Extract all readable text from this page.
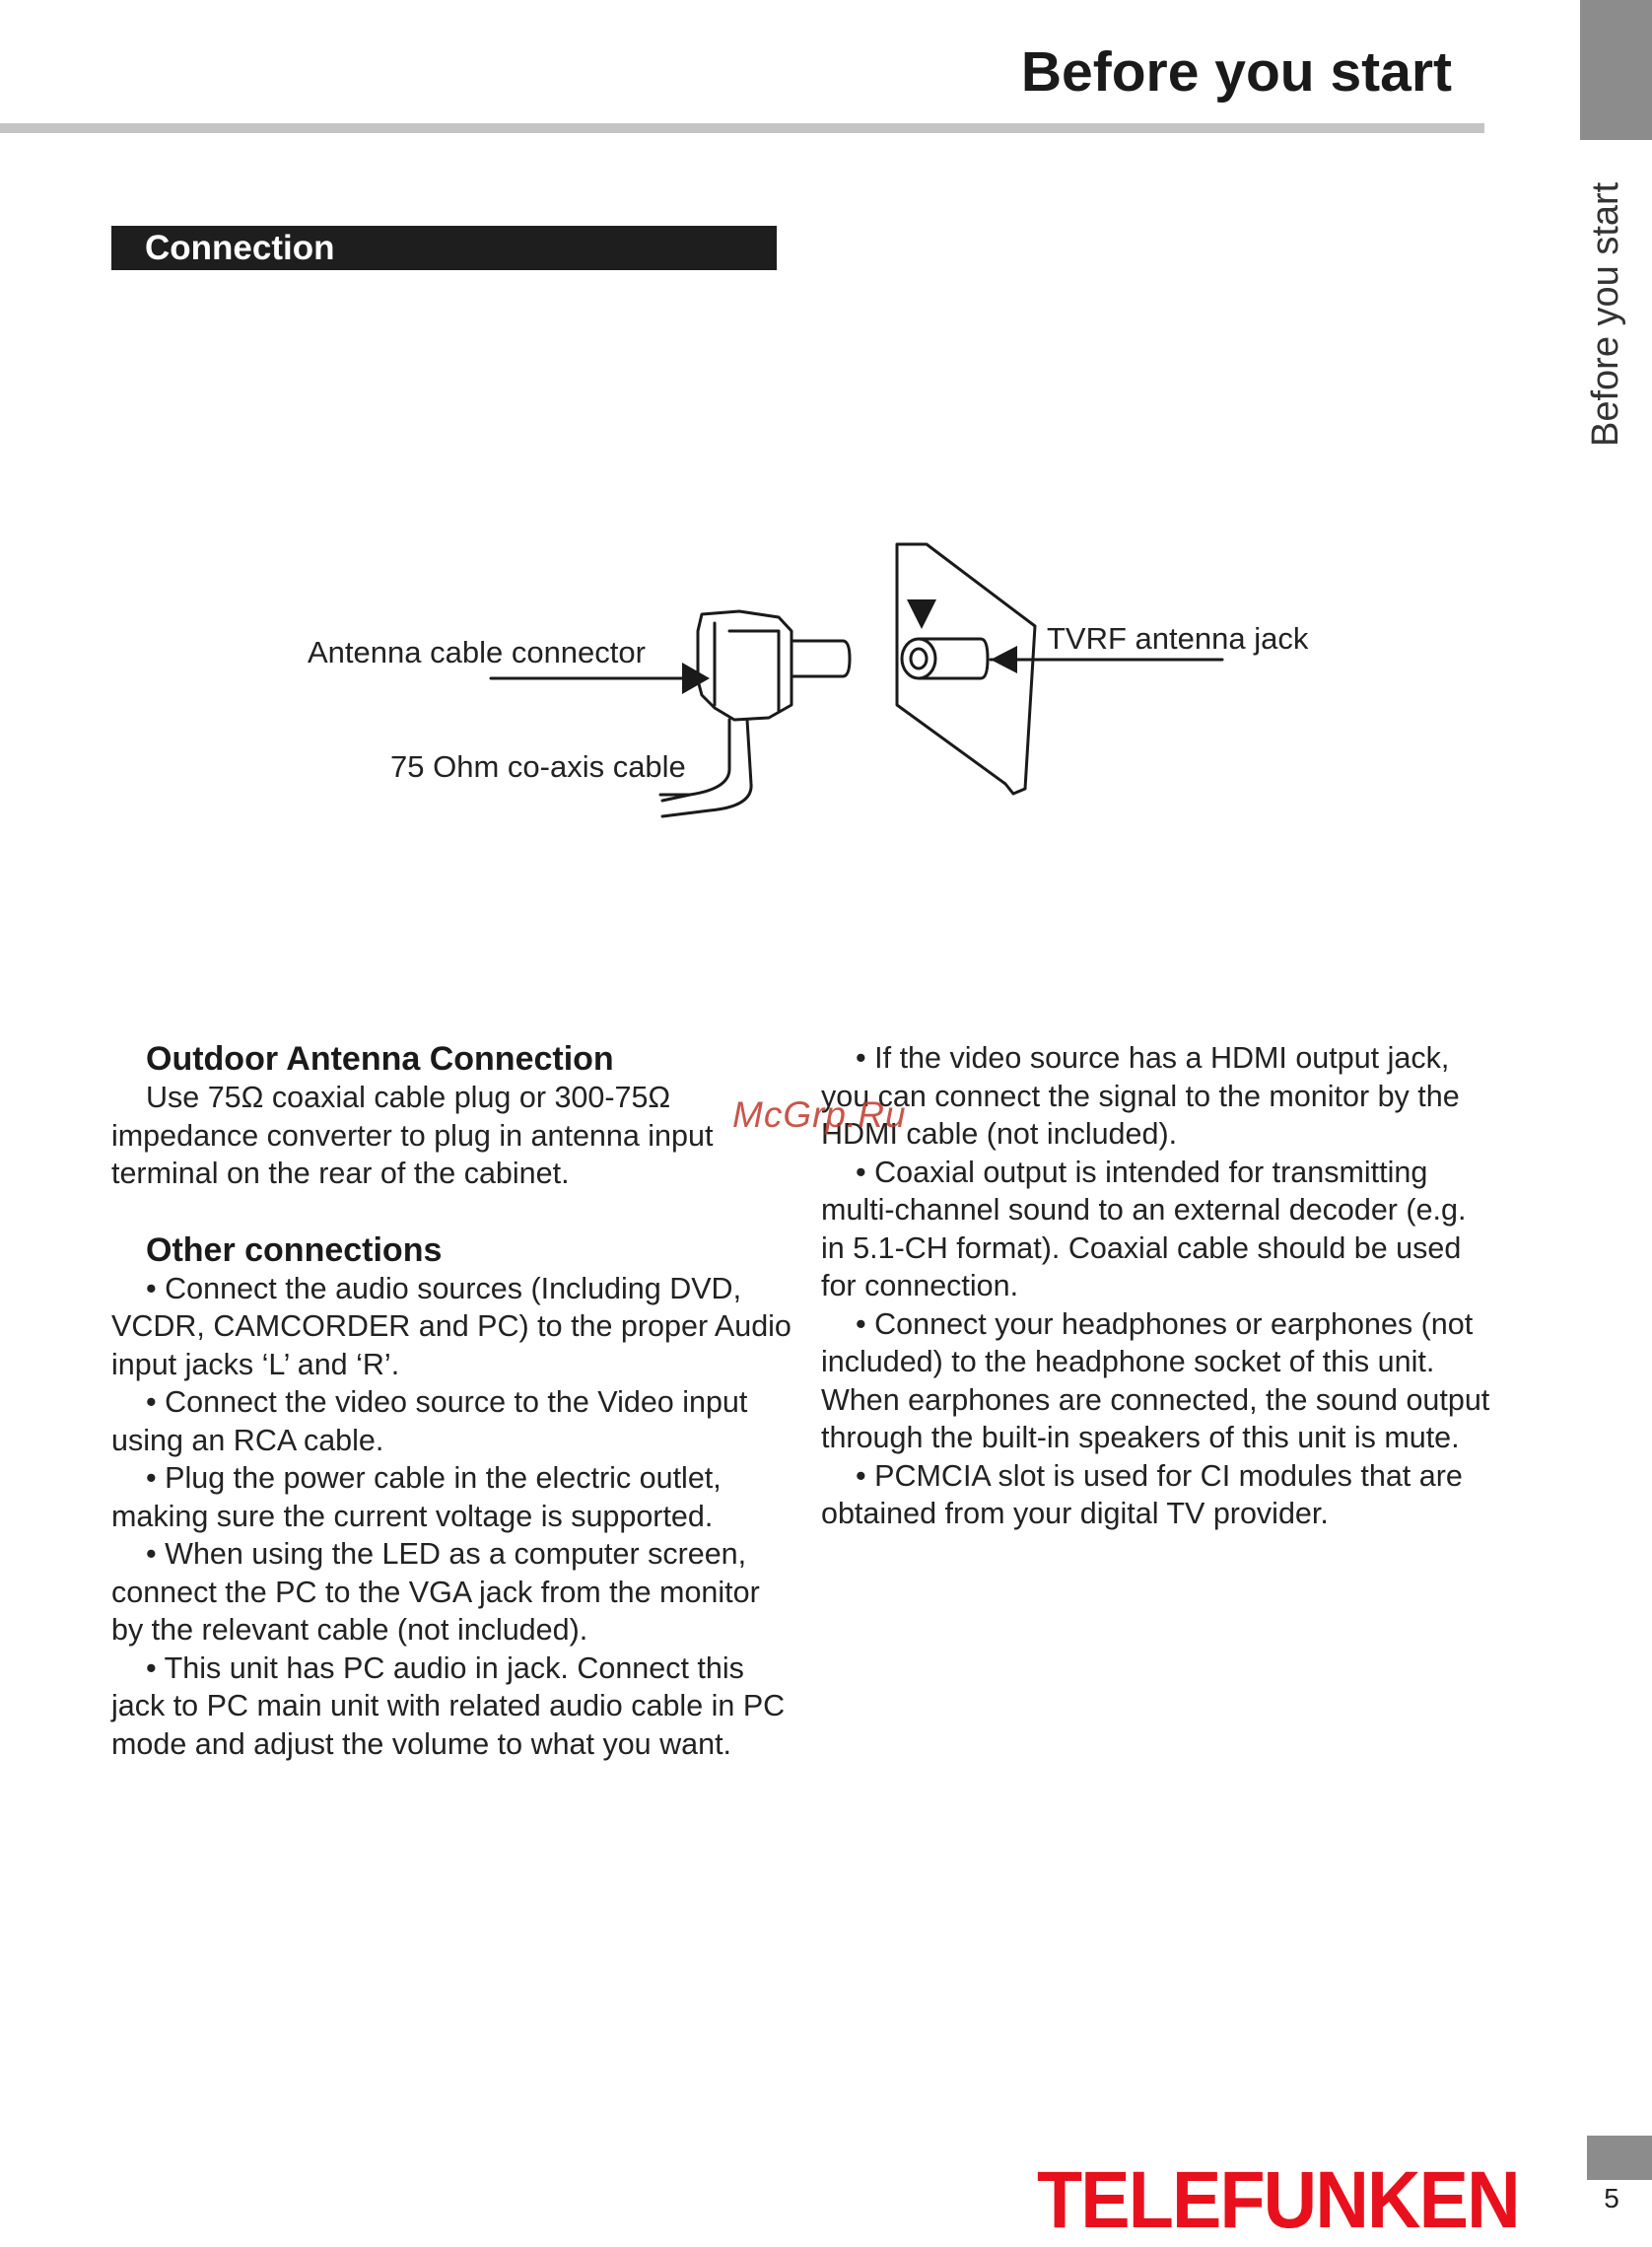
Before you start
Before you start
Connection
Antenna cable connector
75 Ohm co-axis cable
TVRF antenna jack
Outdoor Antenna Connection

Use 75Ω coaxial cable plug or 300-75Ω impedance converter to plug in antenna input terminal on the rear of the cabinet.

Other connections

• Connect the audio sources (Including DVD, VCDR, CAMCORDER and PC) to the proper Audio input jacks ‘L’ and ‘R’.

• Connect the video source to the Video input using an RCA cable.

• Plug the power cable in the electric outlet, making sure the current voltage is supported.

• When using the LED as a computer screen, connect the PC to the VGA jack from the monitor by the relevant cable (not included).

• This unit has PC audio in jack. Connect this jack to PC main unit with related audio cable in PC mode and adjust the volume to what you want.

• If the video source has a HDMI output jack, you can connect the signal to the monitor by the HDMI cable (not included).

• Coaxial output is intended for transmitting multi-channel sound to an external decoder (e.g. in 5.1-CH format). Coaxial cable should be used for connection.

• Connect your headphones or earphones (not included) to the headphone socket of this unit. When earphones are connected, the sound output through the built-in speakers of this unit is mute.

• PCMCIA slot is used for CI modules that are obtained from your digital TV provider.

McGrp.Ru
TELEFUNKEN	5
